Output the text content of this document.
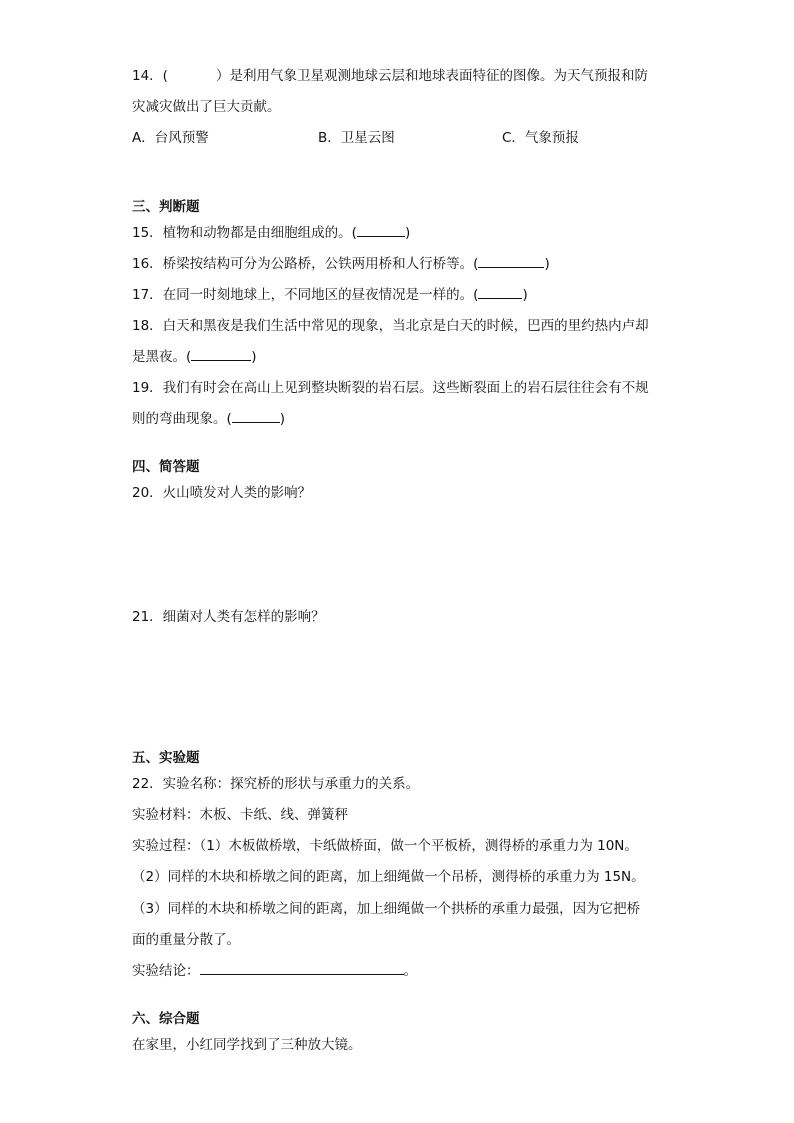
14．(	）是利用气象卫星观测地球云层和地球表面特征的图像。为天气预报和防
灾减灾做出了巨大贡献。
A．台风预警	B．卫星云图	C．气象预报
三、判断题
15．植物和动物都是由细胞组成的。(	)
16．桥梁按结构可分为公路桥，公铁两用桥和人行桥等。(	)
17．在同一时刻地球上，不同地区的昼夜情况是一样的。(	)
18．白天和黑夜是我们生活中常见的现象，当北京是白天的时候，巴西的里约热内卢却
是黑夜。(	)
19．我们有时会在高山上见到整块断裂的岩石层。这些断裂面上的岩石层往往会有不规
则的弯曲现象。(	)
四、简答题
20．火山喷发对人类的影响？
21．细菌对人类有怎样的影响？
五、实验题
22．实验名称：探究桥的形状与承重力的关系。
实验材料：木板、卡纸、线、弹簧秤
实验过程：（1）木板做桥墩，卡纸做桥面，做一个平板桥，测得桥的承重力为 10N。
（2）同样的木块和桥墩之间的距离，加上细绳做一个吊桥，测得桥的承重力为 15N。
（3）同样的木块和桥墩之间的距离，加上细绳做一个拱桥的承重力最强，因为它把桥
面的重量分散了。
实验结论：	。
六、综合题
在家里，小红同学找到了三种放大镜。
